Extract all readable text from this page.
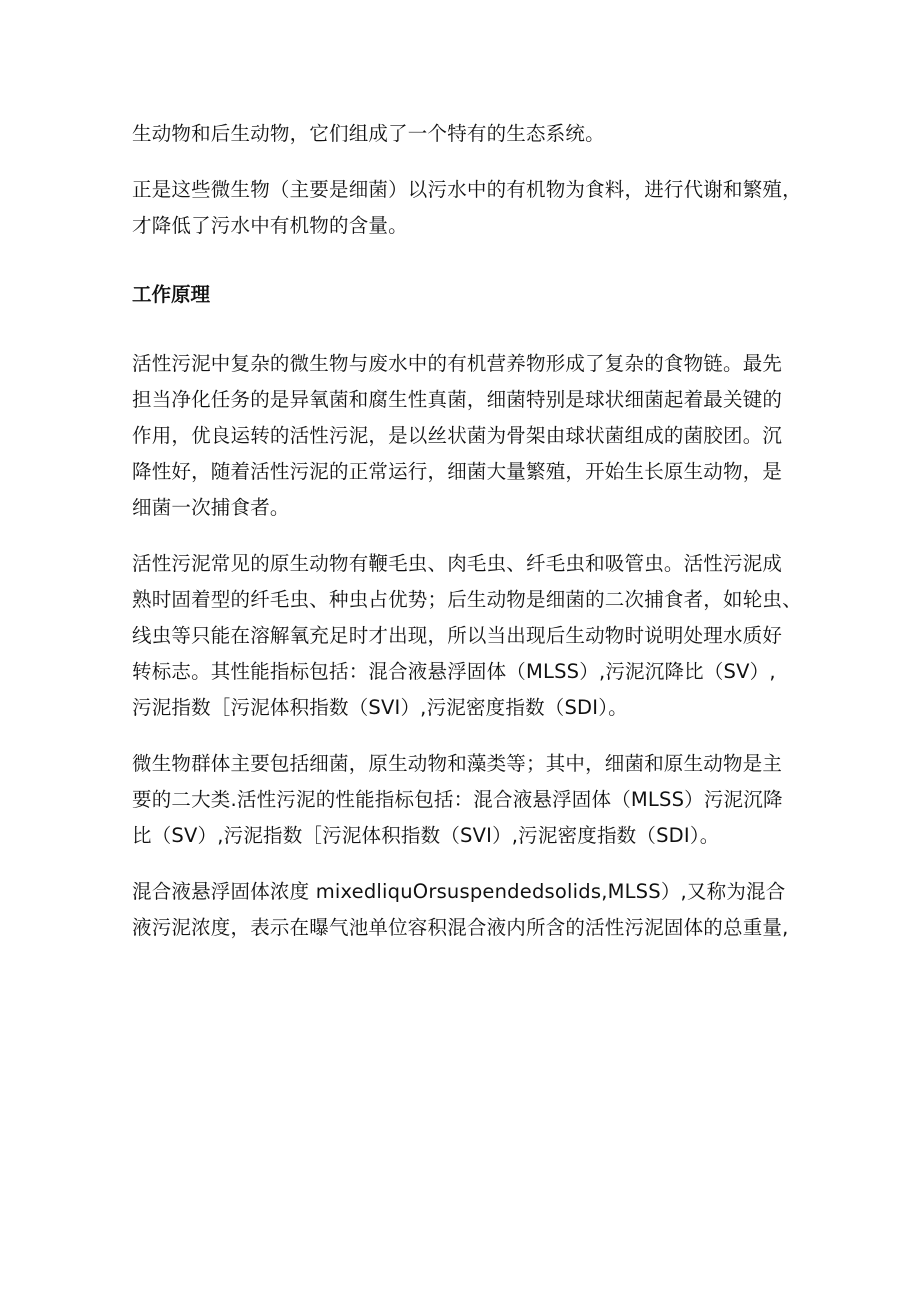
生动物和后生动物，它们组成了一个特有的生态系统。

正是这些微生物（主要是细菌）以污水中的有机物为食料，进行代谢和繁殖，
才降低了污水中有机物的含量。

工作原理

活性污泥中复杂的微生物与废水中的有机营养物形成了复杂的食物链。最先
担当净化任务的是异氧菌和腐生性真菌，细菌特别是球状细菌起着最关键的
作用，优良运转的活性污泥，是以丝状菌为骨架由球状菌组成的菌胶团。沉
降性好，随着活性污泥的正常运行，细菌大量繁殖，开始生长原生动物，是
细菌一次捕食者。

活性污泥常见的原生动物有鞭毛虫、肉毛虫、纤毛虫和吸管虫。活性污泥成
熟时固着型的纤毛虫、种虫占优势；后生动物是细菌的二次捕食者，如轮虫、
线虫等只能在溶解氧充足时才出现，所以当出现后生动物时说明处理水质好
转标志。其性能指标包括：混合液悬浮固体（MLSS）,污泥沉降比（SV）,
污泥指数［污泥体积指数（SVI）,污泥密度指数（SDI）。

微生物群体主要包括细菌，原生动物和藻类等；其中，细菌和原生动物是主
要的二大类.活性污泥的性能指标包括：混合液悬浮固体（MLSS）污泥沉降
比（SV）,污泥指数［污泥体积指数（SVI）,污泥密度指数（SDI）。

混合液悬浮固体浓度 mixedliquOrsuspendedsolids,MLSS）,又称为混合
液污泥浓度，表示在曝气池单位容积混合液内所含的活性污泥固体的总重量,
